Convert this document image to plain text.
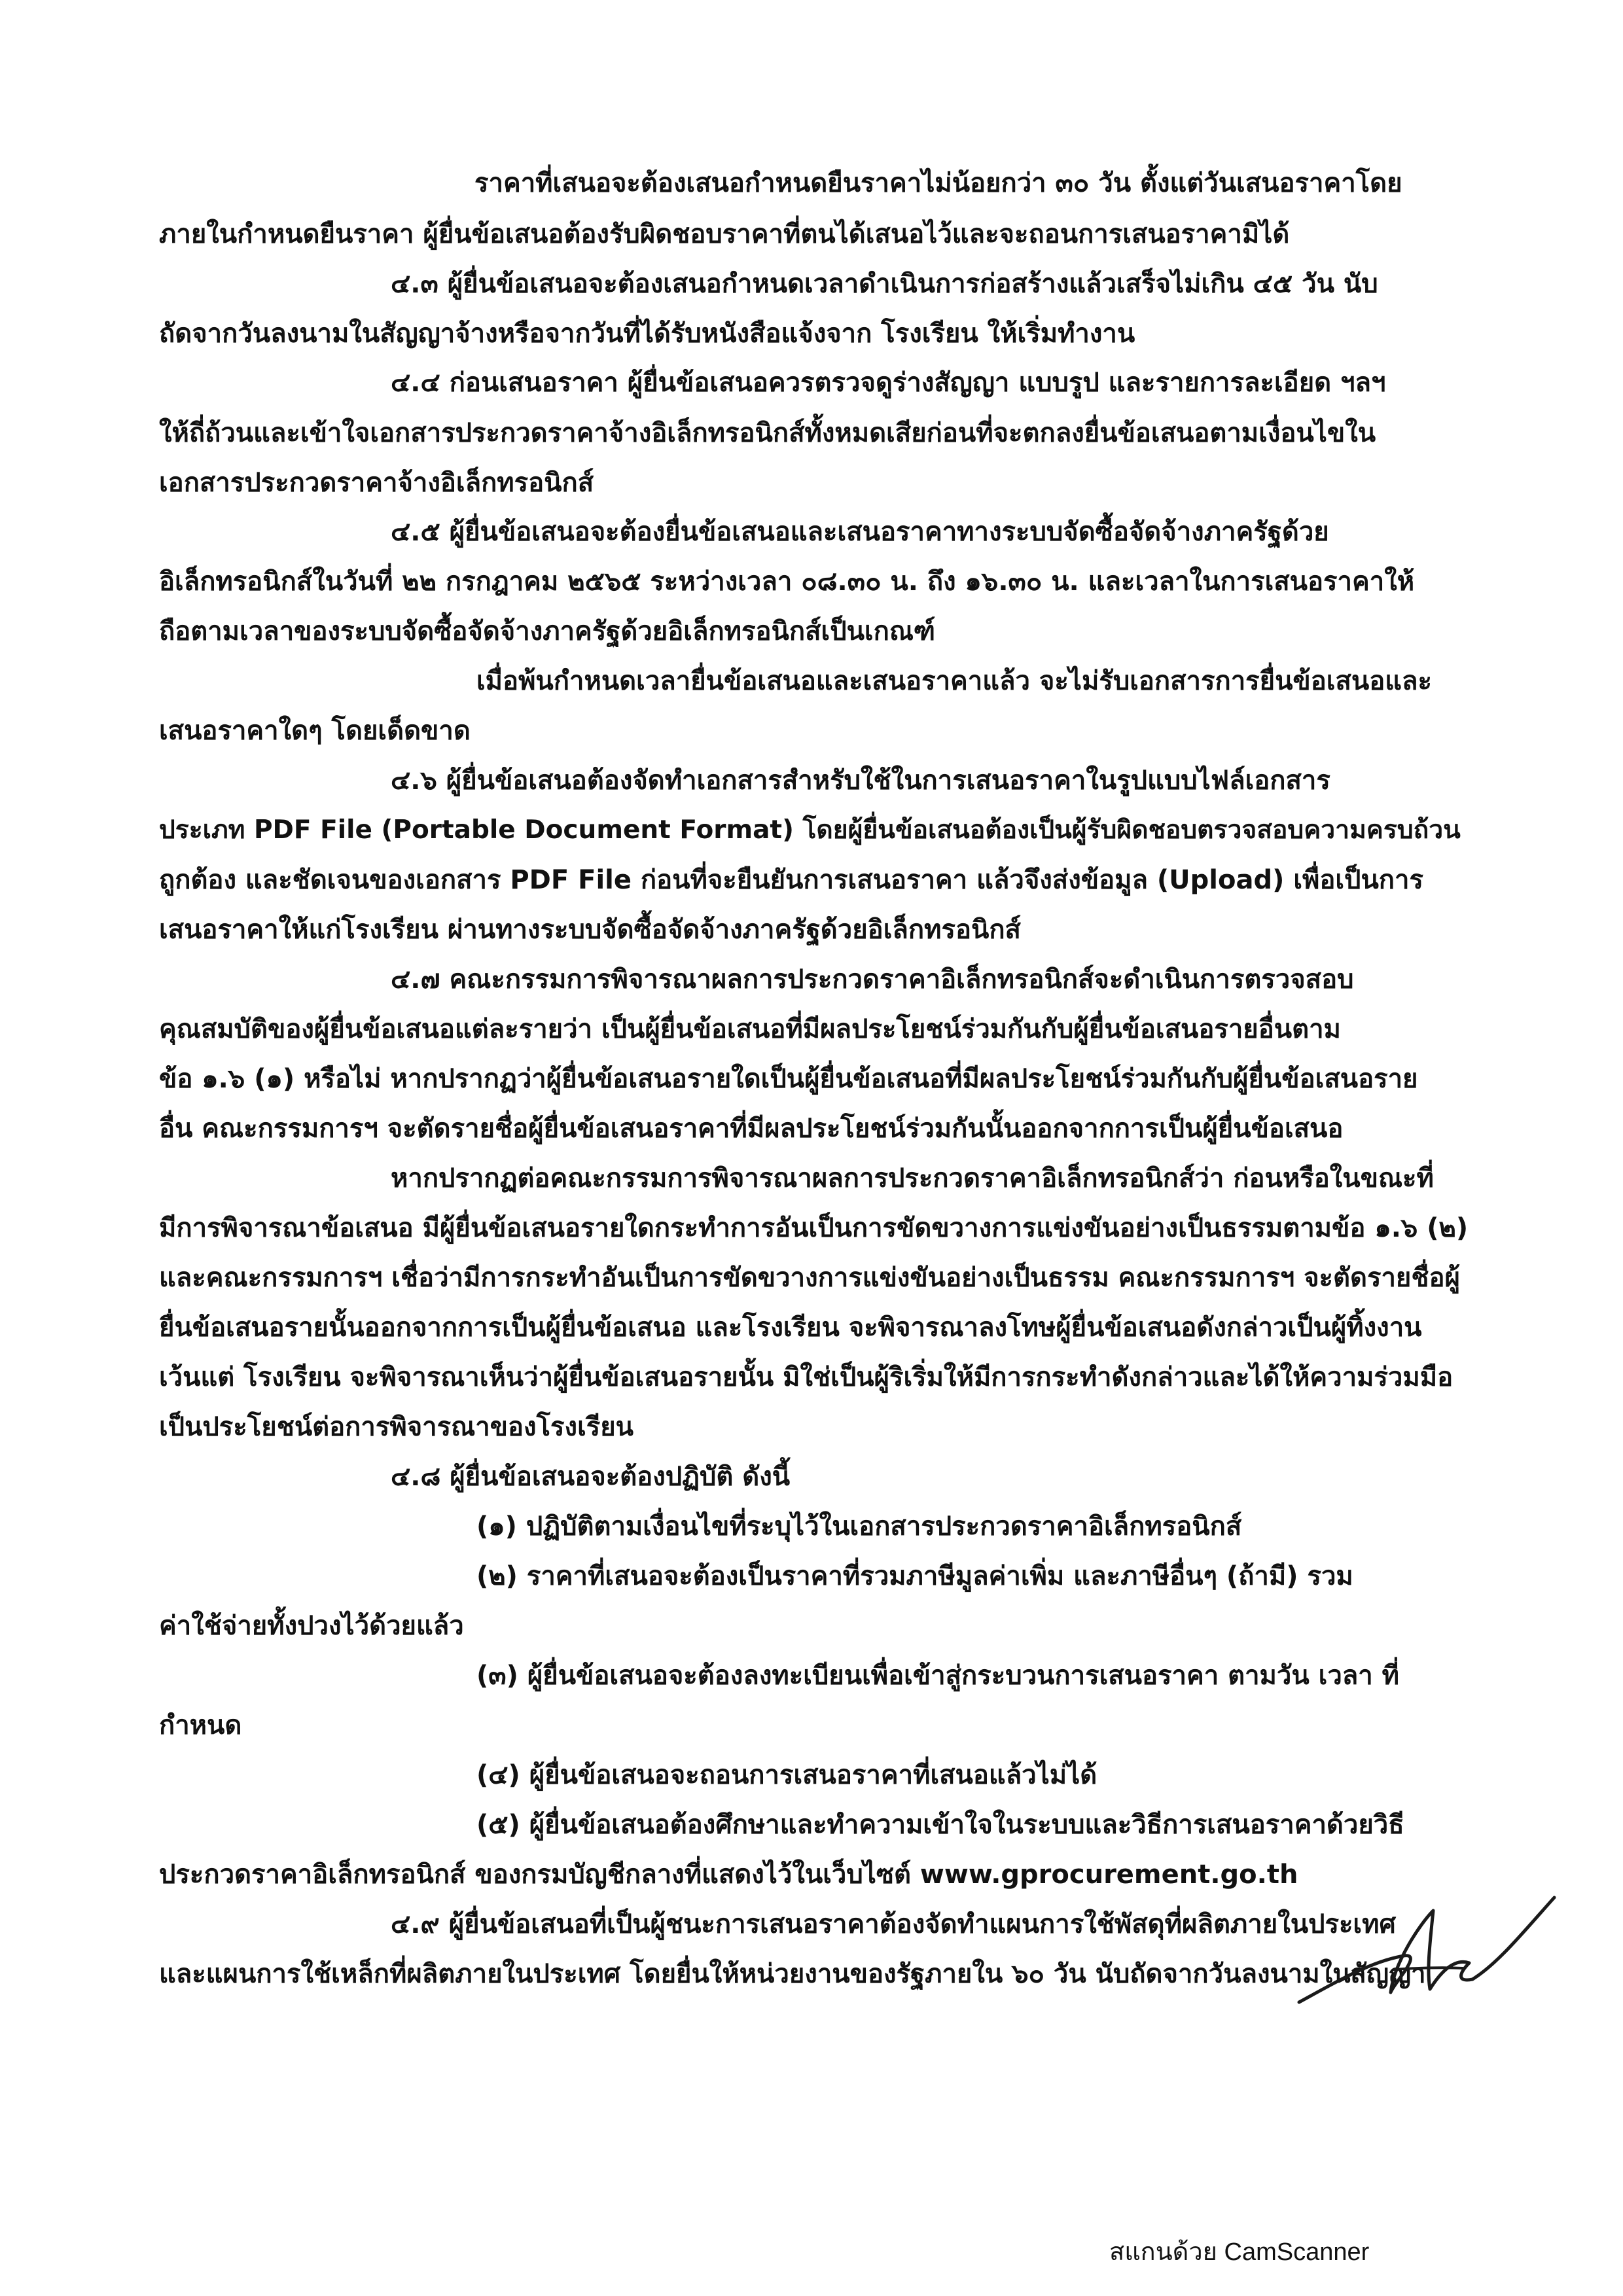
ราคาที่เสนอจะต้องเสนอกำหนดยืนราคาไม่น้อยกว่า ๓๐ วัน ตั้งแต่วันเสนอราคาโดย
ภายในกำหนดยืนราคา ผู้ยื่นข้อเสนอต้องรับผิดชอบราคาที่ตนได้เสนอไว้และจะถอนการเสนอราคามิได้
๔.๓ ผู้ยื่นข้อเสนอจะต้องเสนอกำหนดเวลาดำเนินการก่อสร้างแล้วเสร็จไม่เกิน ๔๕ วัน นับ
ถัดจากวันลงนามในสัญญาจ้างหรือจากวันที่ได้รับหนังสือแจ้งจาก โรงเรียน ให้เริ่มทำงาน
๔.๔ ก่อนเสนอราคา ผู้ยื่นข้อเสนอควรตรวจดูร่างสัญญา แบบรูป และรายการละเอียด ฯลฯ
ให้ถี่ถ้วนและเข้าใจเอกสารประกวดราคาจ้างอิเล็กทรอนิกส์ทั้งหมดเสียก่อนที่จะตกลงยื่นข้อเสนอตามเงื่อนไขใน
เอกสารประกวดราคาจ้างอิเล็กทรอนิกส์
๔.๕ ผู้ยื่นข้อเสนอจะต้องยื่นข้อเสนอและเสนอราคาทางระบบจัดซื้อจัดจ้างภาครัฐด้วย
อิเล็กทรอนิกส์ในวันที่ ๒๒ กรกฎาคม ๒๕๖๕ ระหว่างเวลา ๐๘.๓๐ น. ถึง ๑๖.๓๐ น. และเวลาในการเสนอราคาให้
ถือตามเวลาของระบบจัดซื้อจัดจ้างภาครัฐด้วยอิเล็กทรอนิกส์เป็นเกณฑ์
เมื่อพ้นกำหนดเวลายื่นข้อเสนอและเสนอราคาแล้ว จะไม่รับเอกสารการยื่นข้อเสนอและ
เสนอราคาใดๆ โดยเด็ดขาด
๔.๖ ผู้ยื่นข้อเสนอต้องจัดทำเอกสารสำหรับใช้ในการเสนอราคาในรูปแบบไฟล์เอกสาร
ประเภท PDF File (Portable Document Format) โดยผู้ยื่นข้อเสนอต้องเป็นผู้รับผิดชอบตรวจสอบความครบถ้วน
ถูกต้อง และชัดเจนของเอกสาร PDF File ก่อนที่จะยืนยันการเสนอราคา แล้วจึงส่งข้อมูล (Upload) เพื่อเป็นการ
เสนอราคาให้แก่โรงเรียน ผ่านทางระบบจัดซื้อจัดจ้างภาครัฐด้วยอิเล็กทรอนิกส์
๔.๗ คณะกรรมการพิจารณาผลการประกวดราคาอิเล็กทรอนิกส์จะดำเนินการตรวจสอบ
คุณสมบัติของผู้ยื่นข้อเสนอแต่ละรายว่า เป็นผู้ยื่นข้อเสนอที่มีผลประโยชน์ร่วมกันกับผู้ยื่นข้อเสนอรายอื่นตาม
ข้อ ๑.๖ (๑) หรือไม่ หากปรากฏว่าผู้ยื่นข้อเสนอรายใดเป็นผู้ยื่นข้อเสนอที่มีผลประโยชน์ร่วมกันกับผู้ยื่นข้อเสนอราย
อื่น คณะกรรมการฯ จะตัดรายชื่อผู้ยื่นข้อเสนอราคาที่มีผลประโยชน์ร่วมกันนั้นออกจากการเป็นผู้ยื่นข้อเสนอ
หากปรากฏต่อคณะกรรมการพิจารณาผลการประกวดราคาอิเล็กทรอนิกส์ว่า ก่อนหรือในขณะที่
มีการพิจารณาข้อเสนอ มีผู้ยื่นข้อเสนอรายใดกระทำการอันเป็นการขัดขวางการแข่งขันอย่างเป็นธรรมตามข้อ ๑.๖ (๒)
และคณะกรรมการฯ เชื่อว่ามีการกระทำอันเป็นการขัดขวางการแข่งขันอย่างเป็นธรรม คณะกรรมการฯ จะตัดรายชื่อผู้
ยื่นข้อเสนอรายนั้นออกจากการเป็นผู้ยื่นข้อเสนอ และโรงเรียน จะพิจารณาลงโทษผู้ยื่นข้อเสนอดังกล่าวเป็นผู้ทิ้งงาน
เว้นแต่ โรงเรียน จะพิจารณาเห็นว่าผู้ยื่นข้อเสนอรายนั้น มิใช่เป็นผู้ริเริ่มให้มีการกระทำดังกล่าวและได้ให้ความร่วมมือ
เป็นประโยชน์ต่อการพิจารณาของโรงเรียน
๔.๘ ผู้ยื่นข้อเสนอจะต้องปฏิบัติ ดังนี้
(๑) ปฏิบัติตามเงื่อนไขที่ระบุไว้ในเอกสารประกวดราคาอิเล็กทรอนิกส์
(๒) ราคาที่เสนอจะต้องเป็นราคาที่รวมภาษีมูลค่าเพิ่ม และภาษีอื่นๆ (ถ้ามี) รวม
ค่าใช้จ่ายทั้งปวงไว้ด้วยแล้ว
(๓) ผู้ยื่นข้อเสนอจะต้องลงทะเบียนเพื่อเข้าสู่กระบวนการเสนอราคา ตามวัน เวลา ที่
กำหนด
(๔) ผู้ยื่นข้อเสนอจะถอนการเสนอราคาที่เสนอแล้วไม่ได้
(๕) ผู้ยื่นข้อเสนอต้องศึกษาและทำความเข้าใจในระบบและวิธีการเสนอราคาด้วยวิธี
ประกวดราคาอิเล็กทรอนิกส์ ของกรมบัญชีกลางที่แสดงไว้ในเว็บไซต์ www.gprocurement.go.th
๔.๙ ผู้ยื่นข้อเสนอที่เป็นผู้ชนะการเสนอราคาต้องจัดทำแผนการใช้พัสดุที่ผลิตภายในประเทศ
และแผนการใช้เหล็กที่ผลิตภายในประเทศ โดยยื่นให้หน่วยงานของรัฐภายใน ๖๐ วัน นับถัดจากวันลงนามในสัญญา
สแกนด้วย CamScanner
